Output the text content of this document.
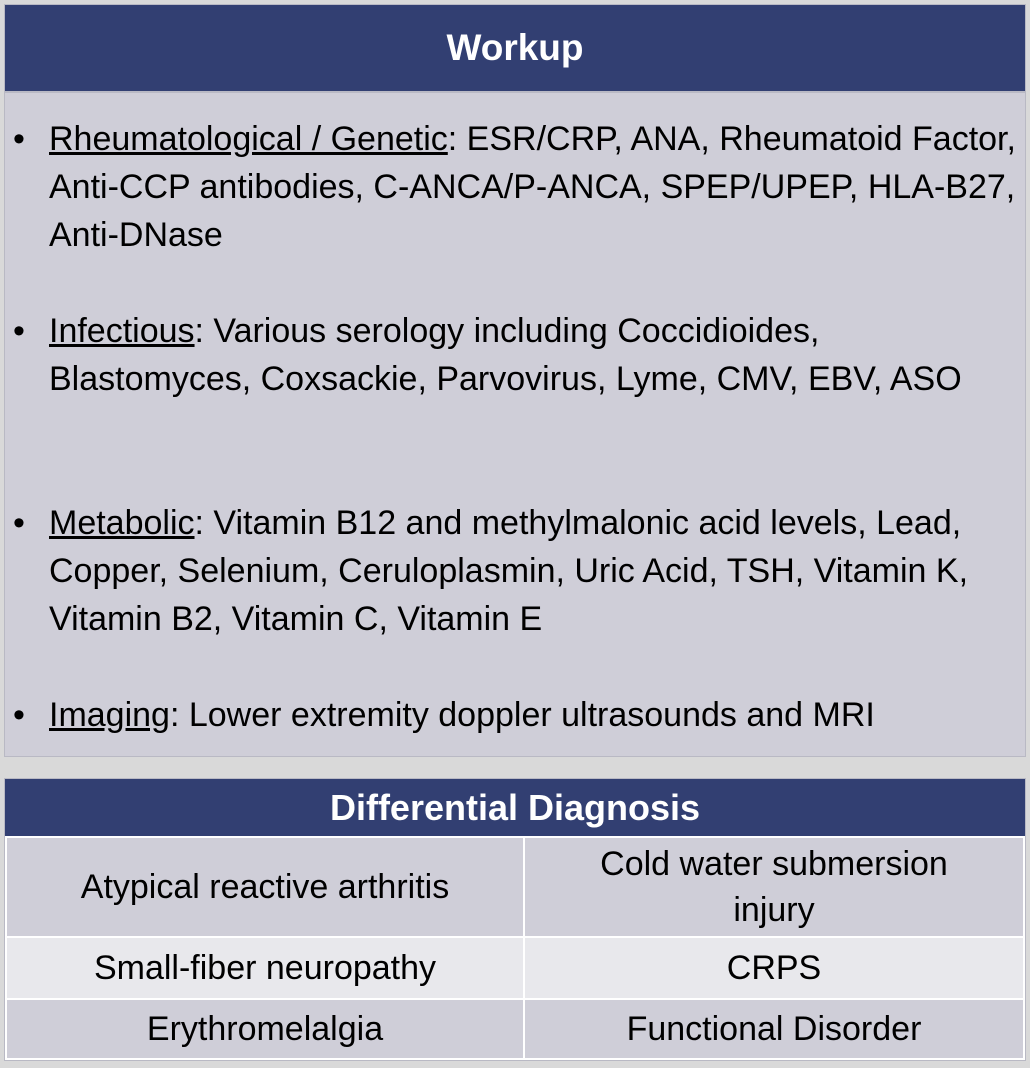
Workup
• Rheumatological / Genetic: ESR/CRP, ANA, Rheumatoid Factor, Anti-CCP antibodies, C-ANCA/P-ANCA, SPEP/UPEP, HLA-B27, Anti-DNase
• Infectious: Various serology including Coccidioides, Blastomyces, Coxsackie, Parvovirus, Lyme, CMV, EBV, ASO
• Metabolic: Vitamin B12 and methylmalonic acid levels, Lead, Copper, Selenium, Ceruloplasmin, Uric Acid, TSH, Vitamin K, Vitamin B2, Vitamin C, Vitamin E
• Imaging: Lower extremity doppler ultrasounds and MRI
Differential Diagnosis
Atypical reactive arthritis	Cold water submersion injury
Small-fiber neuropathy	CRPS
Erythromelalgia	Functional Disorder
